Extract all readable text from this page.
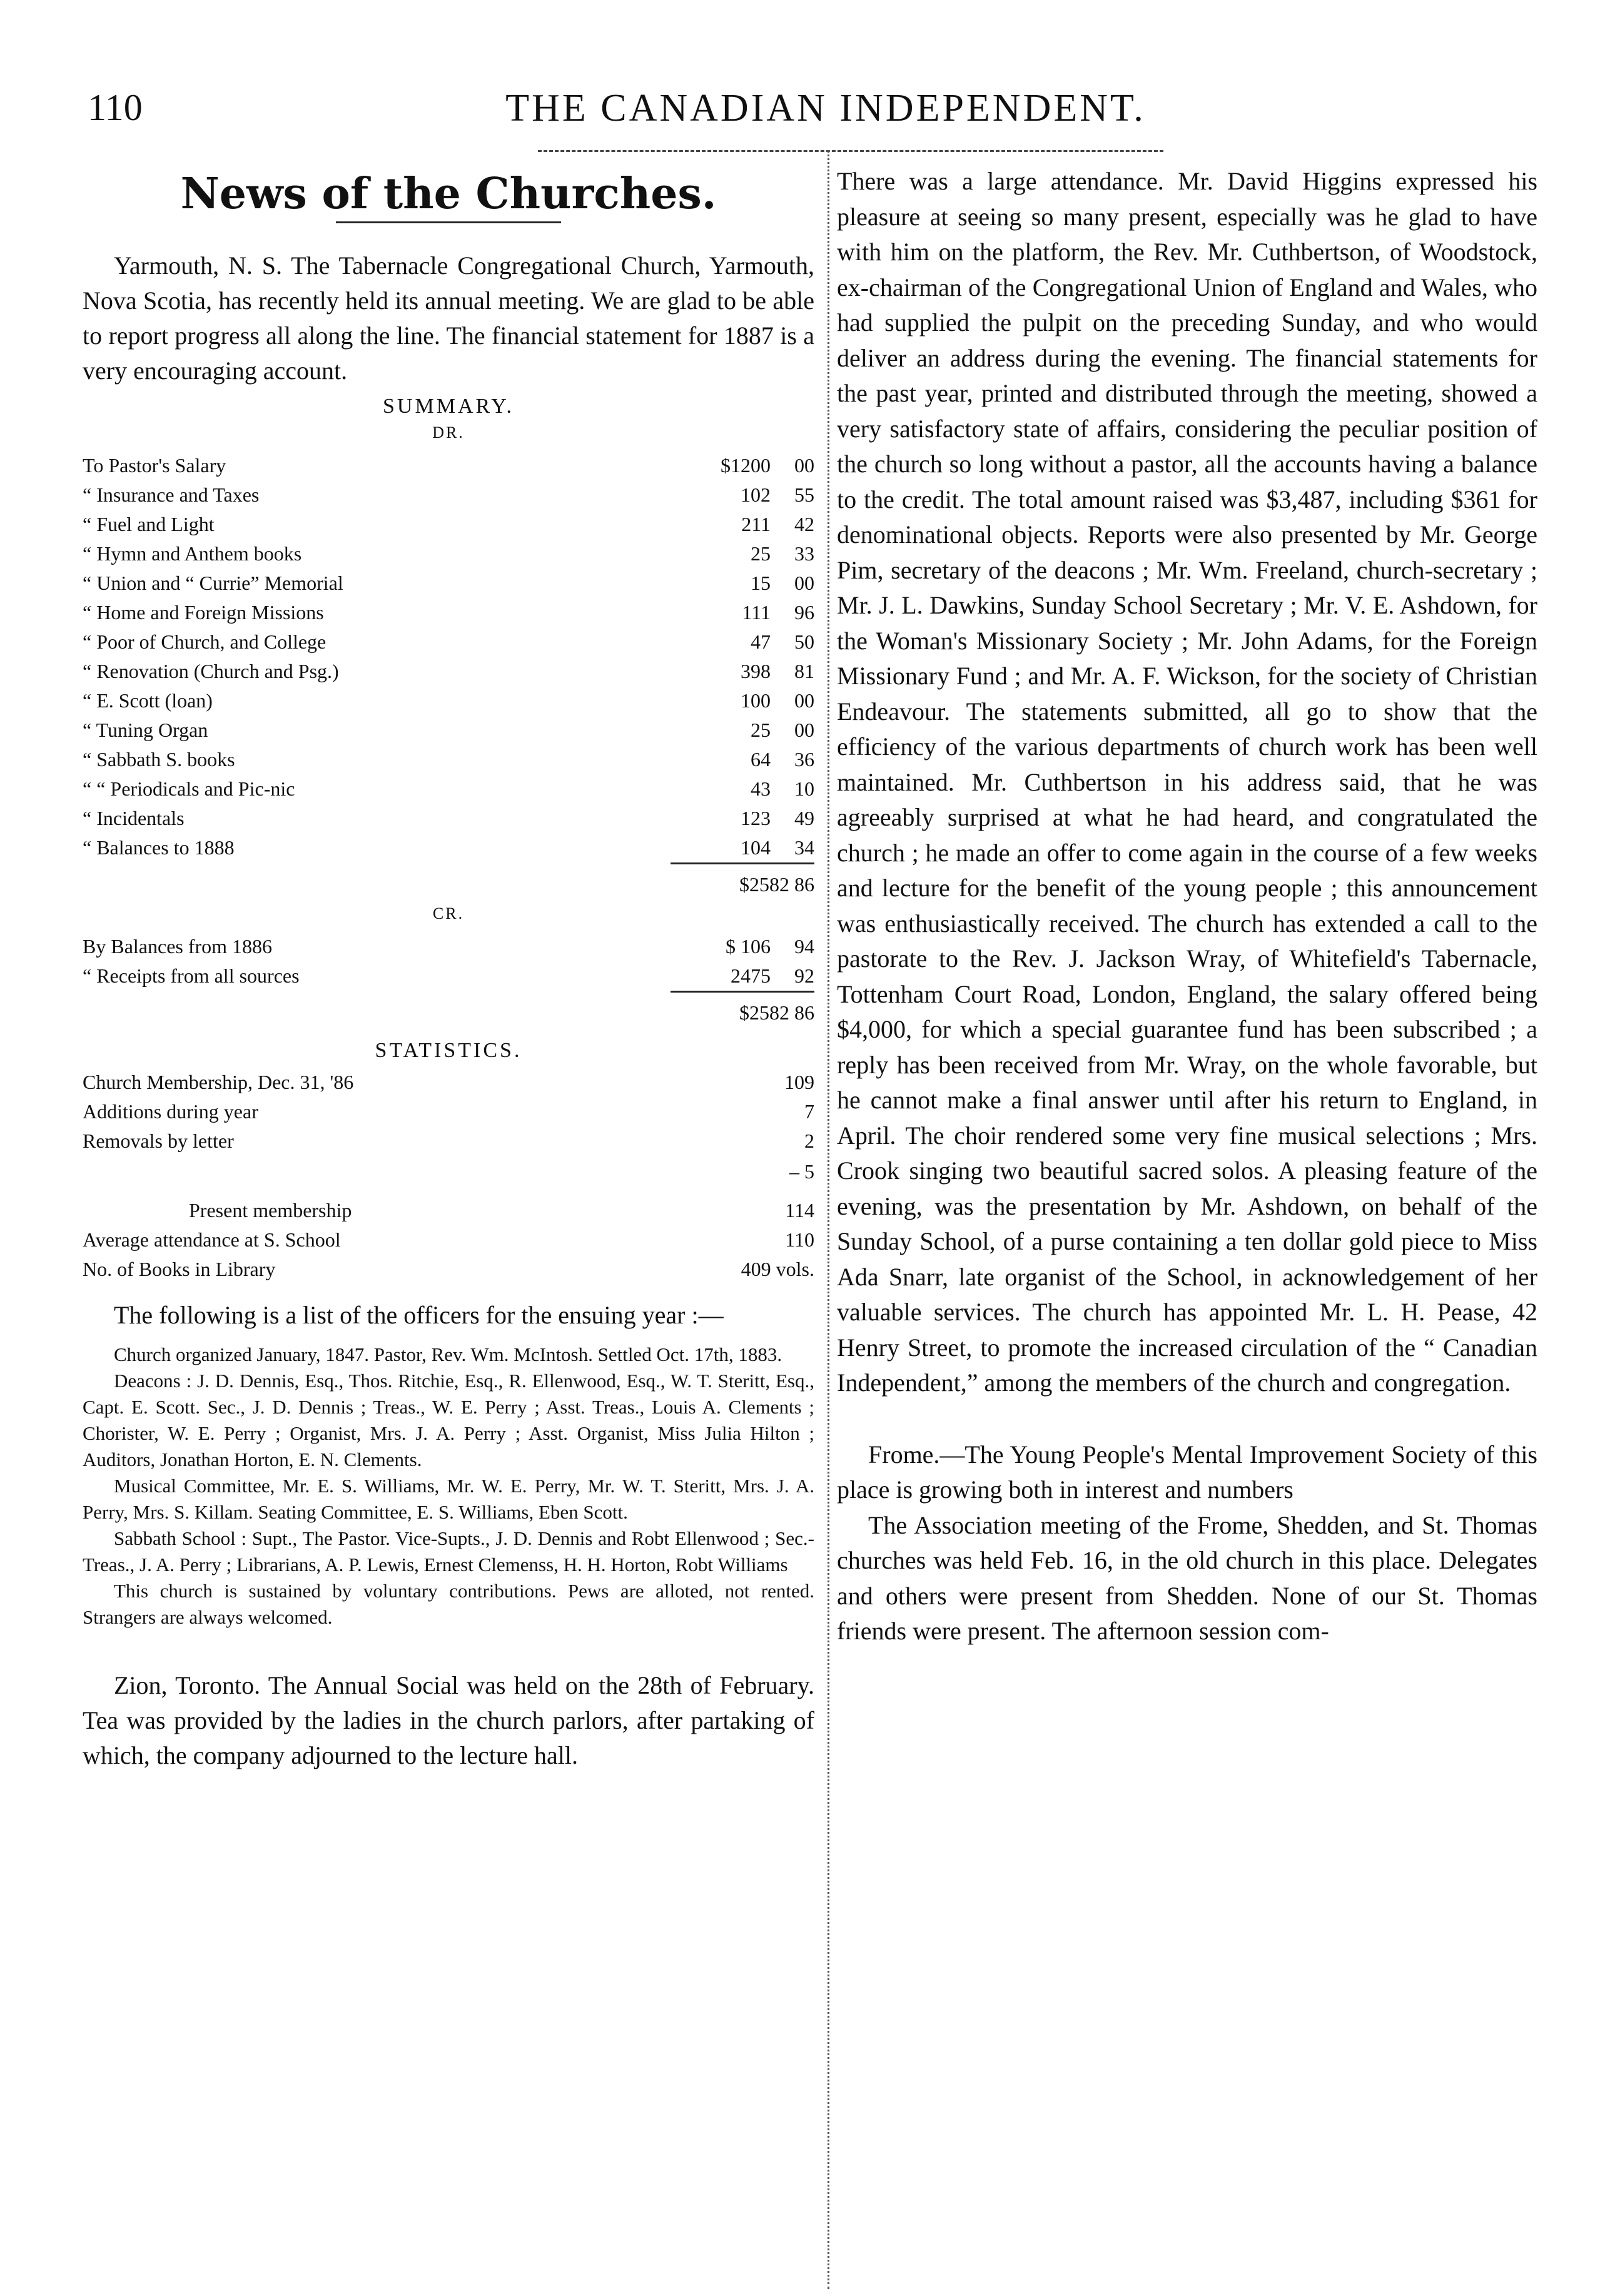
110	THE CANADIAN INDEPENDENT.
News of the Churches.

Yarmouth, N. S. The Tabernacle Congregational Church, Yarmouth, Nova Scotia, has recently held its annual meeting. We are glad to be able to report progress all along the line. The financial statement for 1887 is a very encouraging account.

SUMMARY.
DR.
To Pastor's Salary	$1200 00
“ Insurance and Taxes	102 55
“ Fuel and Light	211 42
“ Hymn and Anthem books	25 33
“ Union and “ Currie” Memorial	15 00
“ Home and Foreign Missions	111 96
“ Poor of Church, and College	47 50
“ Renovation (Church and Psg.)	398 81
“ E. Scott (loan)	100 00
“ Tuning Organ	25 00
“ Sabbath S. books	64 36
“ “ Periodicals and Pic-nic	43 10
“ Incidentals	123 49
“ Balances to 1888	104 34
$2582 86
CR.
By Balances from 1886	$ 106 94
“ Receipts from all sources	2475 92
$2582 86
STATISTICS.
Church Membership, Dec. 31, '86	109
Additions during year	7
Removals by letter	2
– 5
Present membership	114
Average attendance at S. School	110
No. of Books in Library	409 vols.

The following is a list of the officers for the ensuing year :—

Church organized January, 1847. Pastor, Rev. Wm. McIntosh. Settled Oct. 17th, 1883.

Deacons : J. D. Dennis, Esq., Thos. Ritchie, Esq., R. Ellenwood, Esq., W. T. Steritt, Esq., Capt. E. Scott. Sec., J. D. Dennis ; Treas., W. E. Perry ; Asst. Treas., Louis A. Clements ; Chorister, W. E. Perry ; Organist, Mrs. J. A. Perry ; Asst. Organist, Miss Julia Hilton ; Auditors, Jonathan Horton, E. N. Clements.

Musical Committee, Mr. E. S. Williams, Mr. W. E. Perry, Mr. W. T. Steritt, Mrs. J. A. Perry, Mrs. S. Killam. Seating Committee, E. S. Williams, Eben Scott.

Sabbath School : Supt., The Pastor. Vice-Supts., J. D. Dennis and Robt Ellenwood ; Sec.-Treas., J. A. Perry ; Librarians, A. P. Lewis, Ernest Clemenss, H. H. Horton, Robt Williams

This church is sustained by voluntary contributions. Pews are alloted, not rented. Strangers are always welcomed.

Zion, Toronto. The Annual Social was held on the 28th of February. Tea was provided by the ladies in the church parlors, after partaking of which, the company adjourned to the lecture hall.

There was a large attendance. Mr. David Higgins expressed his pleasure at seeing so many present, especially was he glad to have with him on the platform, the Rev. Mr. Cuthbertson, of Woodstock, ex-chairman of the Congregational Union of England and Wales, who had supplied the pulpit on the preceding Sunday, and who would deliver an address during the evening. The financial statements for the past year, printed and distributed through the meeting, showed a very satisfactory state of affairs, considering the peculiar position of the church so long without a pastor, all the accounts having a balance to the credit. The total amount raised was $3,487, including $361 for denominational objects. Reports were also presented by Mr. George Pim, secretary of the deacons ; Mr. Wm. Freeland, church-secretary ; Mr. J. L. Dawkins, Sunday School Secretary ; Mr. V. E. Ashdown, for the Woman's Missionary Society ; Mr. John Adams, for the Foreign Missionary Fund ; and Mr. A. F. Wickson, for the society of Christian Endeavour. The statements submitted, all go to show that the efficiency of the various departments of church work has been well maintained. Mr. Cuthbertson in his address said, that he was agreeably surprised at what he had heard, and congratulated the church ; he made an offer to come again in the course of a few weeks and lecture for the benefit of the young people ; this announcement was enthusiastically received. The church has extended a call to the pastorate to the Rev. J. Jackson Wray, of Whitefield's Tabernacle, Tottenham Court Road, London, England, the salary offered being $4,000, for which a special guarantee fund has been subscribed ; a reply has been received from Mr. Wray, on the whole favorable, but he cannot make a final answer until after his return to England, in April. The choir rendered some very fine musical selections ; Mrs. Crook singing two beautiful sacred solos. A pleasing feature of the evening, was the presentation by Mr. Ashdown, on behalf of the Sunday School, of a purse containing a ten dollar gold piece to Miss Ada Snarr, late organist of the School, in acknowledgement of her valuable services. The church has appointed Mr. L. H. Pease, 42 Henry Street, to promote the increased circulation of the “ Canadian Independent,” among the members of the church and congregation.

Frome.—The Young People's Mental Improvement Society of this place is growing both in interest and numbers

The Association meeting of the Frome, Shedden, and St. Thomas churches was held Feb. 16, in the old church in this place. Delegates and others were present from Shedden. None of our St. Thomas friends were present. The afternoon session com-
